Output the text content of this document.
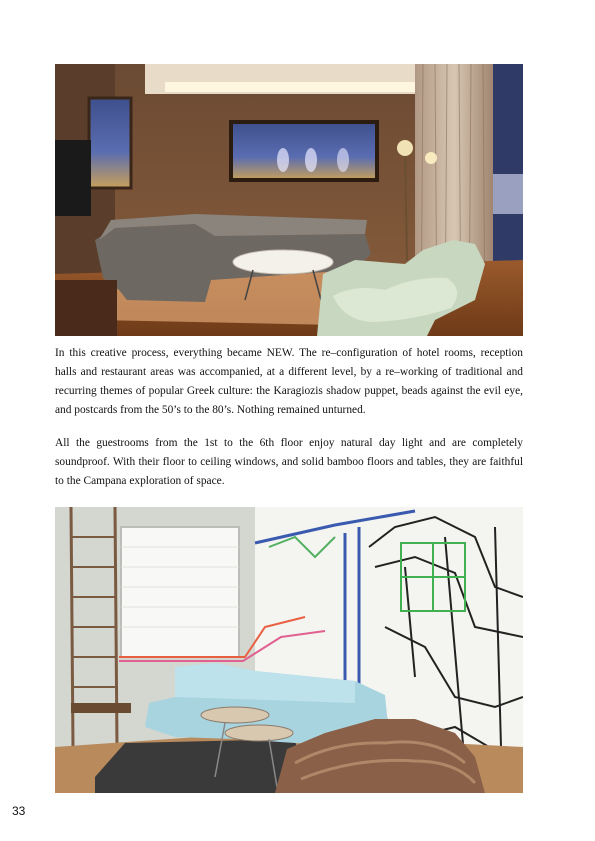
In this creative process, everything became NEW. The re–configuration of hotel rooms, reception halls and restaurant areas was accompanied, at a different level, by a re–working of traditional and recurring themes of popular Greek culture: the Karagiozis shadow puppet, beads against the evil eye, and postcards from the 50’s to the 80’s. Nothing remained unturned.

All the guestrooms from the 1st to the 6th floor enjoy natural day light and are completely soundproof. With their floor to ceiling windows, and solid bamboo floors and tables, they are faithful to the Campana exploration of space.

33
